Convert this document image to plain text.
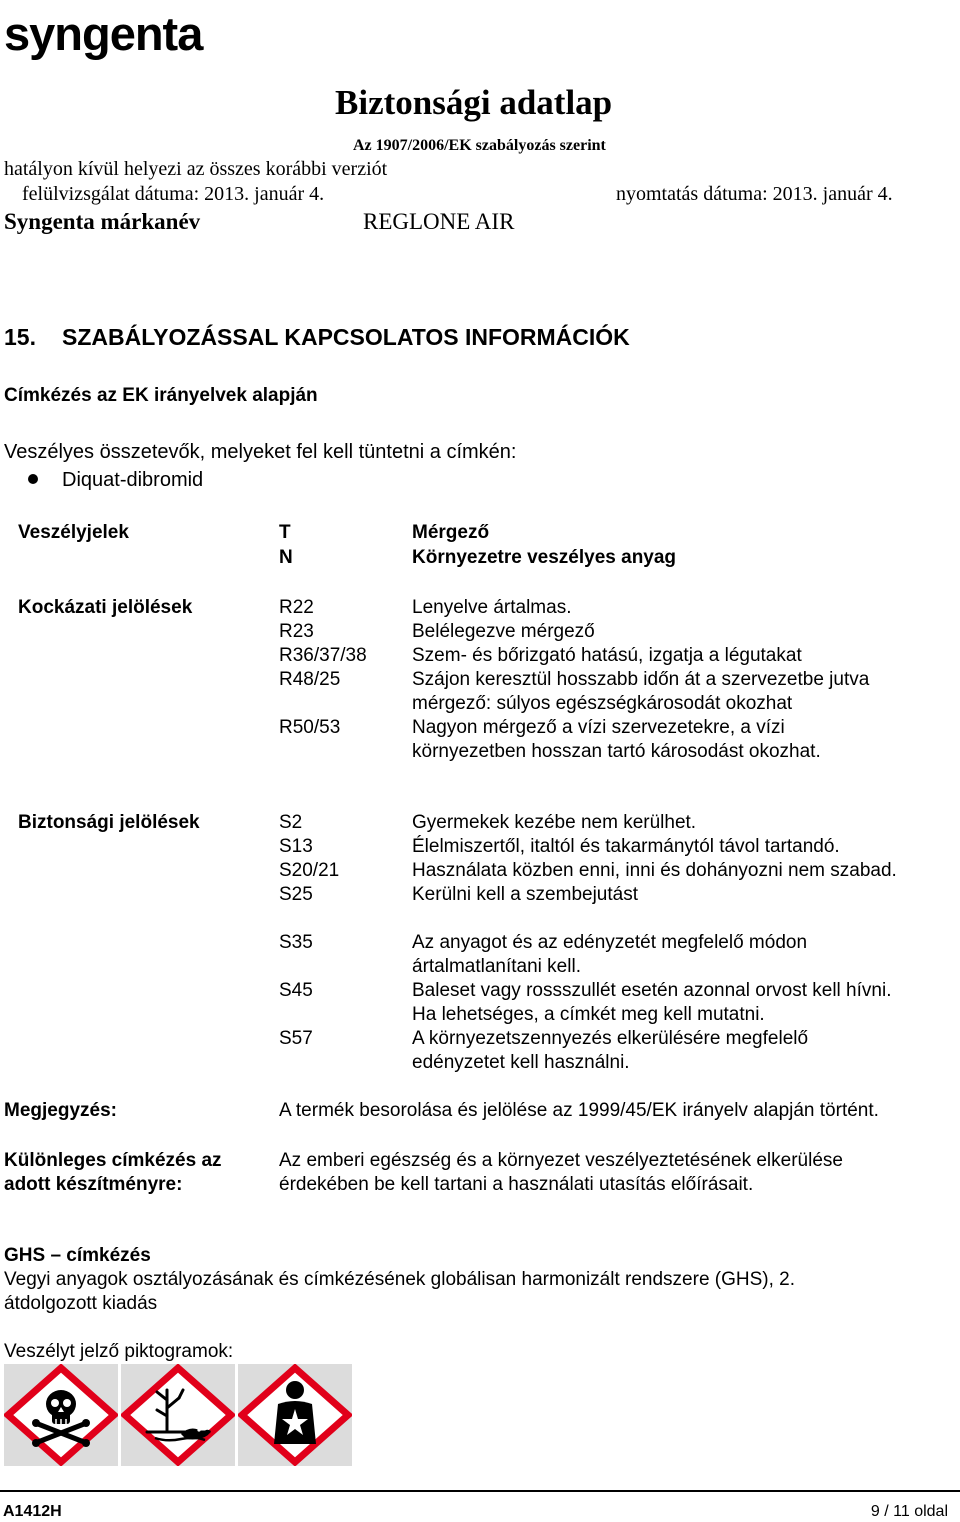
syngenta
Biztonsági adatlap
Az 1907/2006/EK szabályozás szerint
hatályon kívül helyezi az összes korábbi verziót
felülvizsgálat dátuma: 2013. január 4.	nyomtatás dátuma: 2013. január 4.
Syngenta márkanév	REGLONE AIR
15. SZABÁLYOZÁSSAL KAPCSOLATOS INFORMÁCIÓK
Címkézés az EK irányelvek alapján
Veszélyes összetevők, melyeket fel kell tüntetni a címkén:
Diquat-dibromid
Veszélyjelek	T	Mérgező
N	Környezetre veszélyes anyag
Kockázati jelölések	R22	Lenyelve ártalmas.
R23	Belélegezve mérgező
R36/37/38 Szem- és bőrizgató hatású, izgatja a légutakat
R48/25	Szájon keresztül hosszabb időn át a szervezetbe jutva
mérgező: súlyos egészségkárosodát okozhat
R50/53	Nagyon mérgező a vízi szervezetekre, a vízi
környezetben hosszan tartó károsodást okozhat.
Biztonsági jelölések	S2	Gyermekek kezébe nem kerülhet.
S13	Élelmiszertől, italtól és takarmánytól távol tartandó.
S20/21	Használata közben enni, inni és dohányozni nem szabad.
S25	Kerülni kell a szembejutást
S35	Az anyagot és az edényzetét megfelelő módon
ártalmatlanítani kell.
S45	Baleset vagy rossszullét esetén azonnal orvost kell hívni.
Ha lehetséges, a címkét meg kell mutatni.
S57	A környezetszennyezés elkerülésére megfelelő
edényzetet kell használni.
Megjegyzés:	A termék besorolása és jelölése az 1999/45/EK irányelv alapján történt.
Különleges címkézés az
adott készítményre:
Az emberi egészség és a környezet veszélyeztetésének elkerülése
érdekében be kell tartani a használati utasítás előírásait.
GHS – címkézés
Vegyi anyagok osztályozásának és címkézésének globálisan harmonizált rendszere (GHS), 2.
átdolgozott kiadás
Veszélyt jelző piktogramok:
A1412H	9 / 11 oldal
